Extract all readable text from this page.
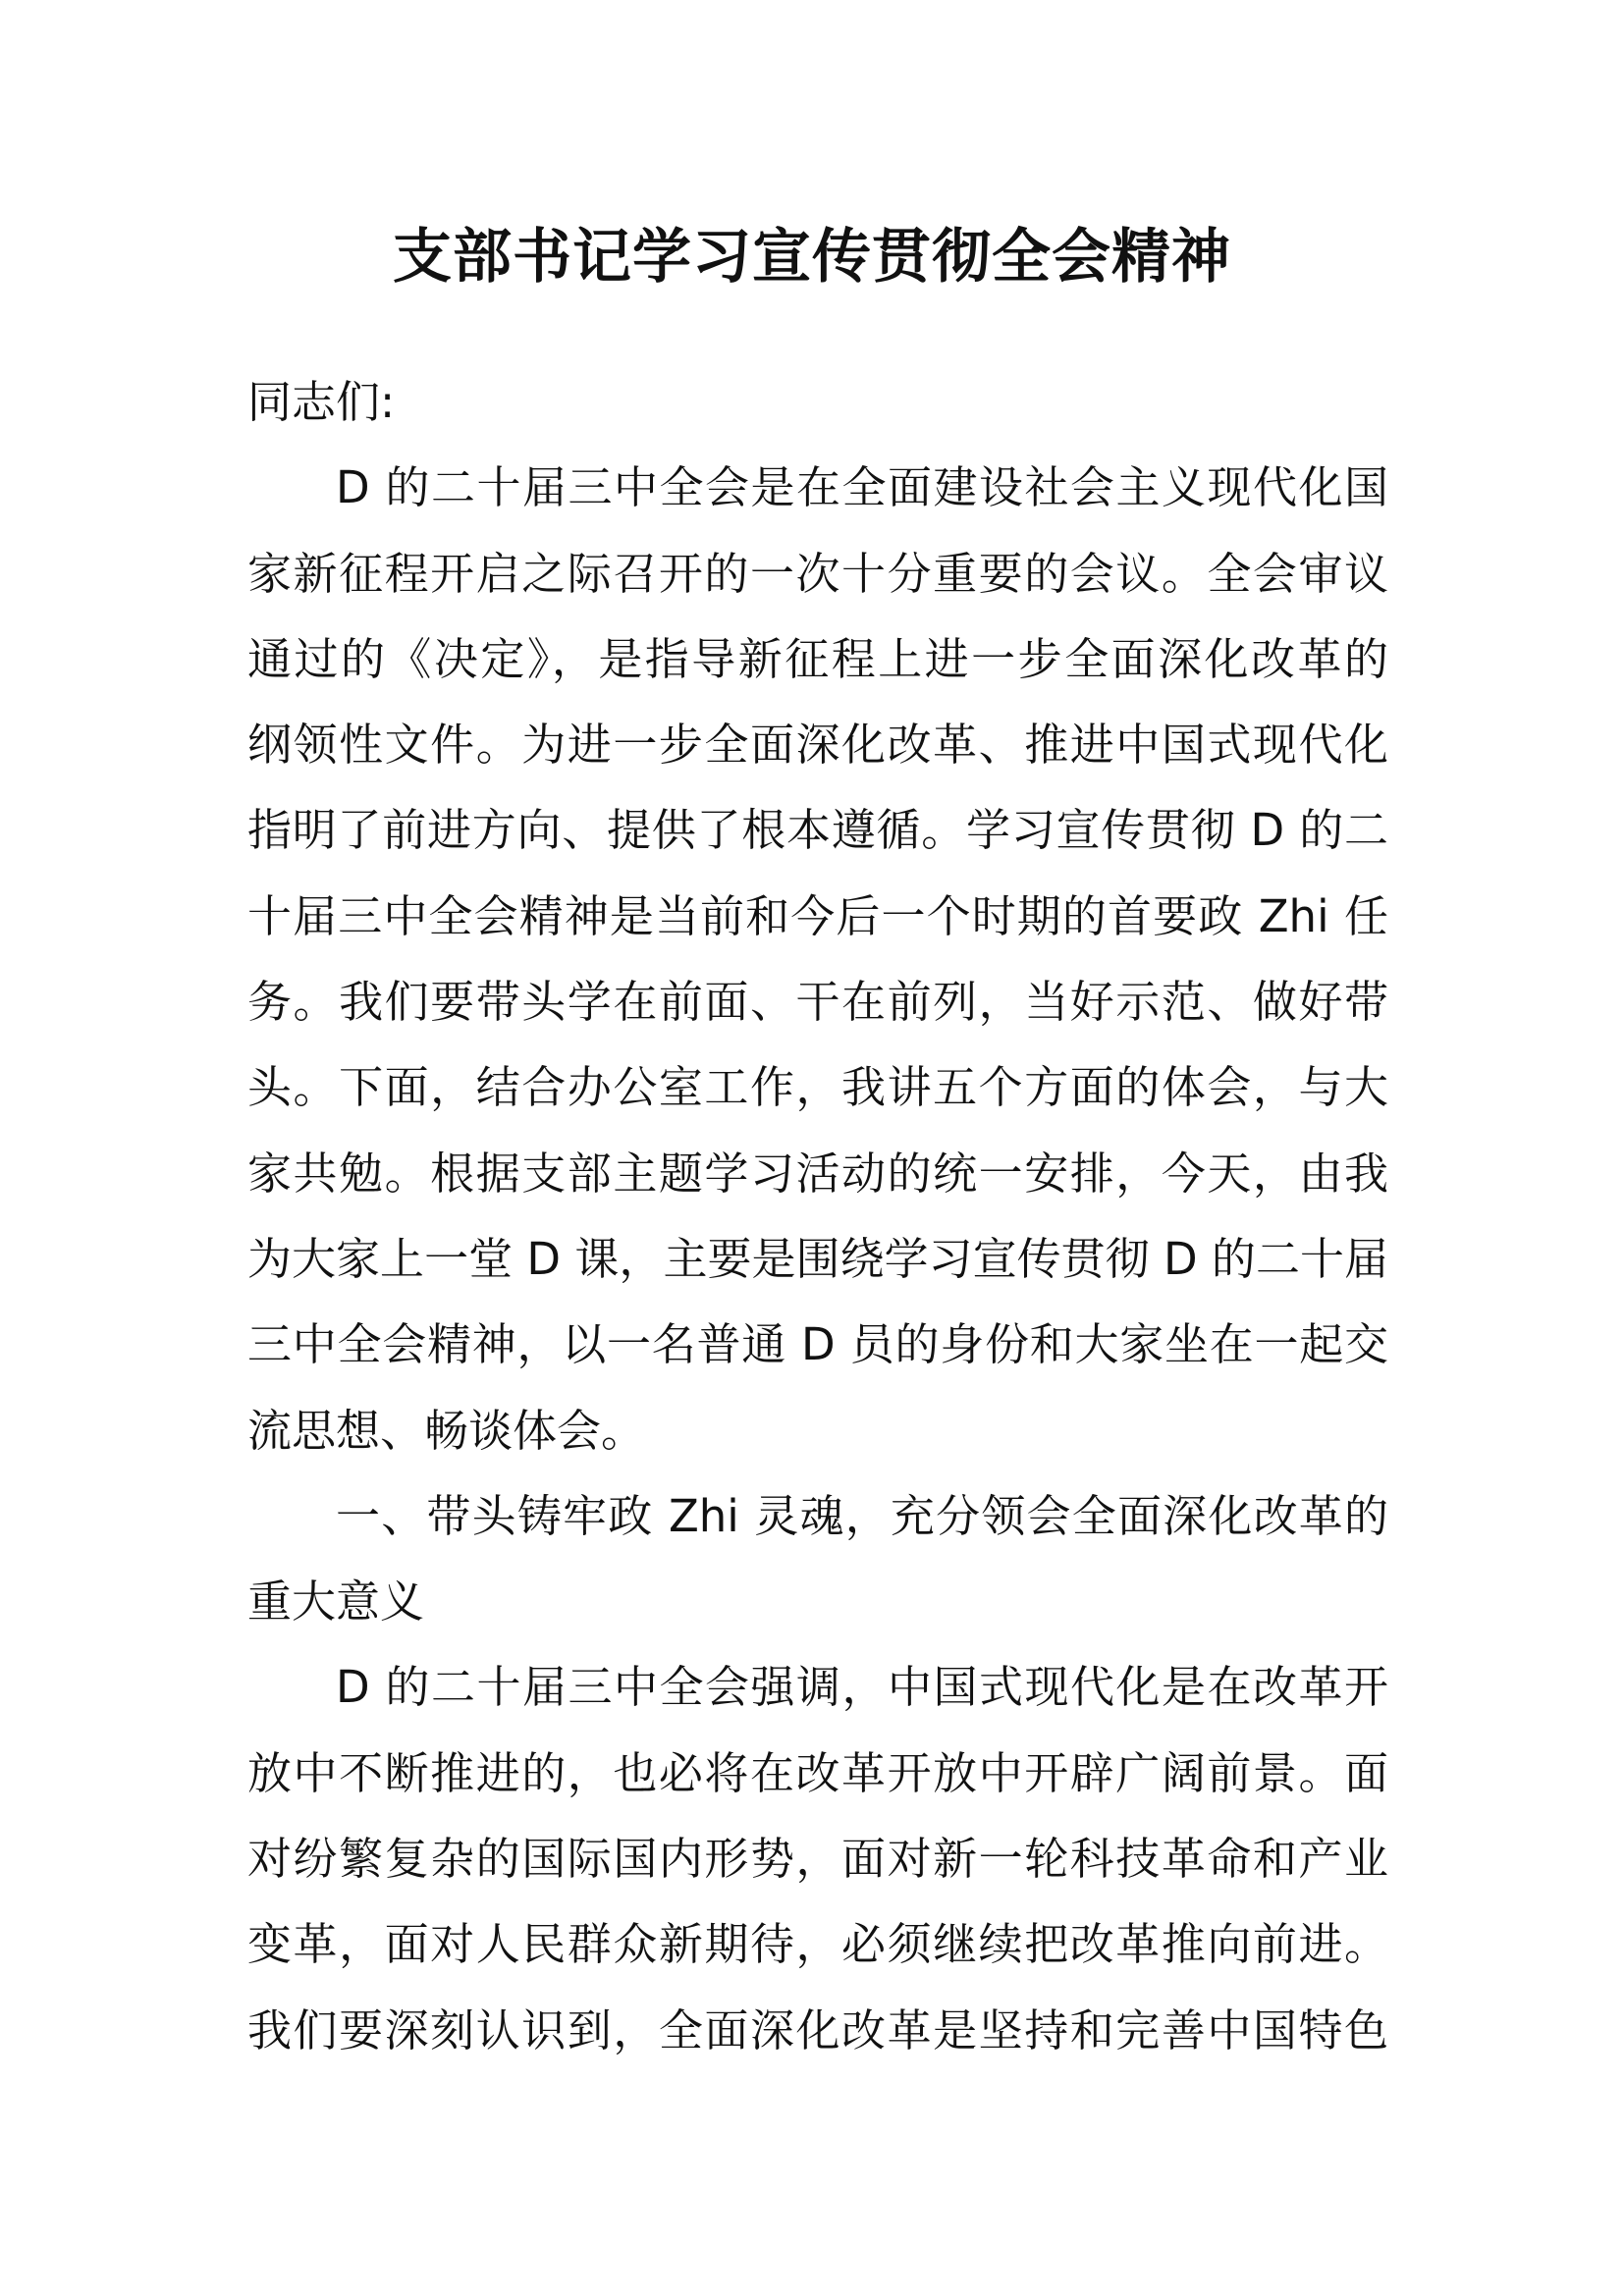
支部书记学习宣传贯彻全会精神
同志们:
D 的二十届三中全会是在全面建设社会主义现代化国
家新征程开启之际召开的一次十分重要的会议。全会审议
通过的《决定》，是指导新征程上进一步全面深化改革的
纲领性文件。为进一步全面深化改革、推进中国式现代化
指明了前进方向、提供了根本遵循。学习宣传贯彻 D 的二
十届三中全会精神是当前和今后一个时期的首要政 Zhi 任
务。我们要带头学在前面、干在前列，当好示范、做好带
头。下面，结合办公室工作，我讲五个方面的体会，与大
家共勉。根据支部主题学习活动的统一安排，今天，由我
为大家上一堂 D 课，主要是围绕学习宣传贯彻 D 的二十届
三中全会精神，以一名普通 D 员的身份和大家坐在一起交
流思想、畅谈体会。
一、带头铸牢政 Zhi 灵魂，充分领会全面深化改革的
重大意义
D 的二十届三中全会强调，中国式现代化是在改革开
放中不断推进的，也必将在改革开放中开辟广阔前景。面
对纷繁复杂的国际国内形势，面对新一轮科技革命和产业
变革，面对人民群众新期待，必须继续把改革推向前进。
我们要深刻认识到，全面深化改革是坚持和完善中国特色
